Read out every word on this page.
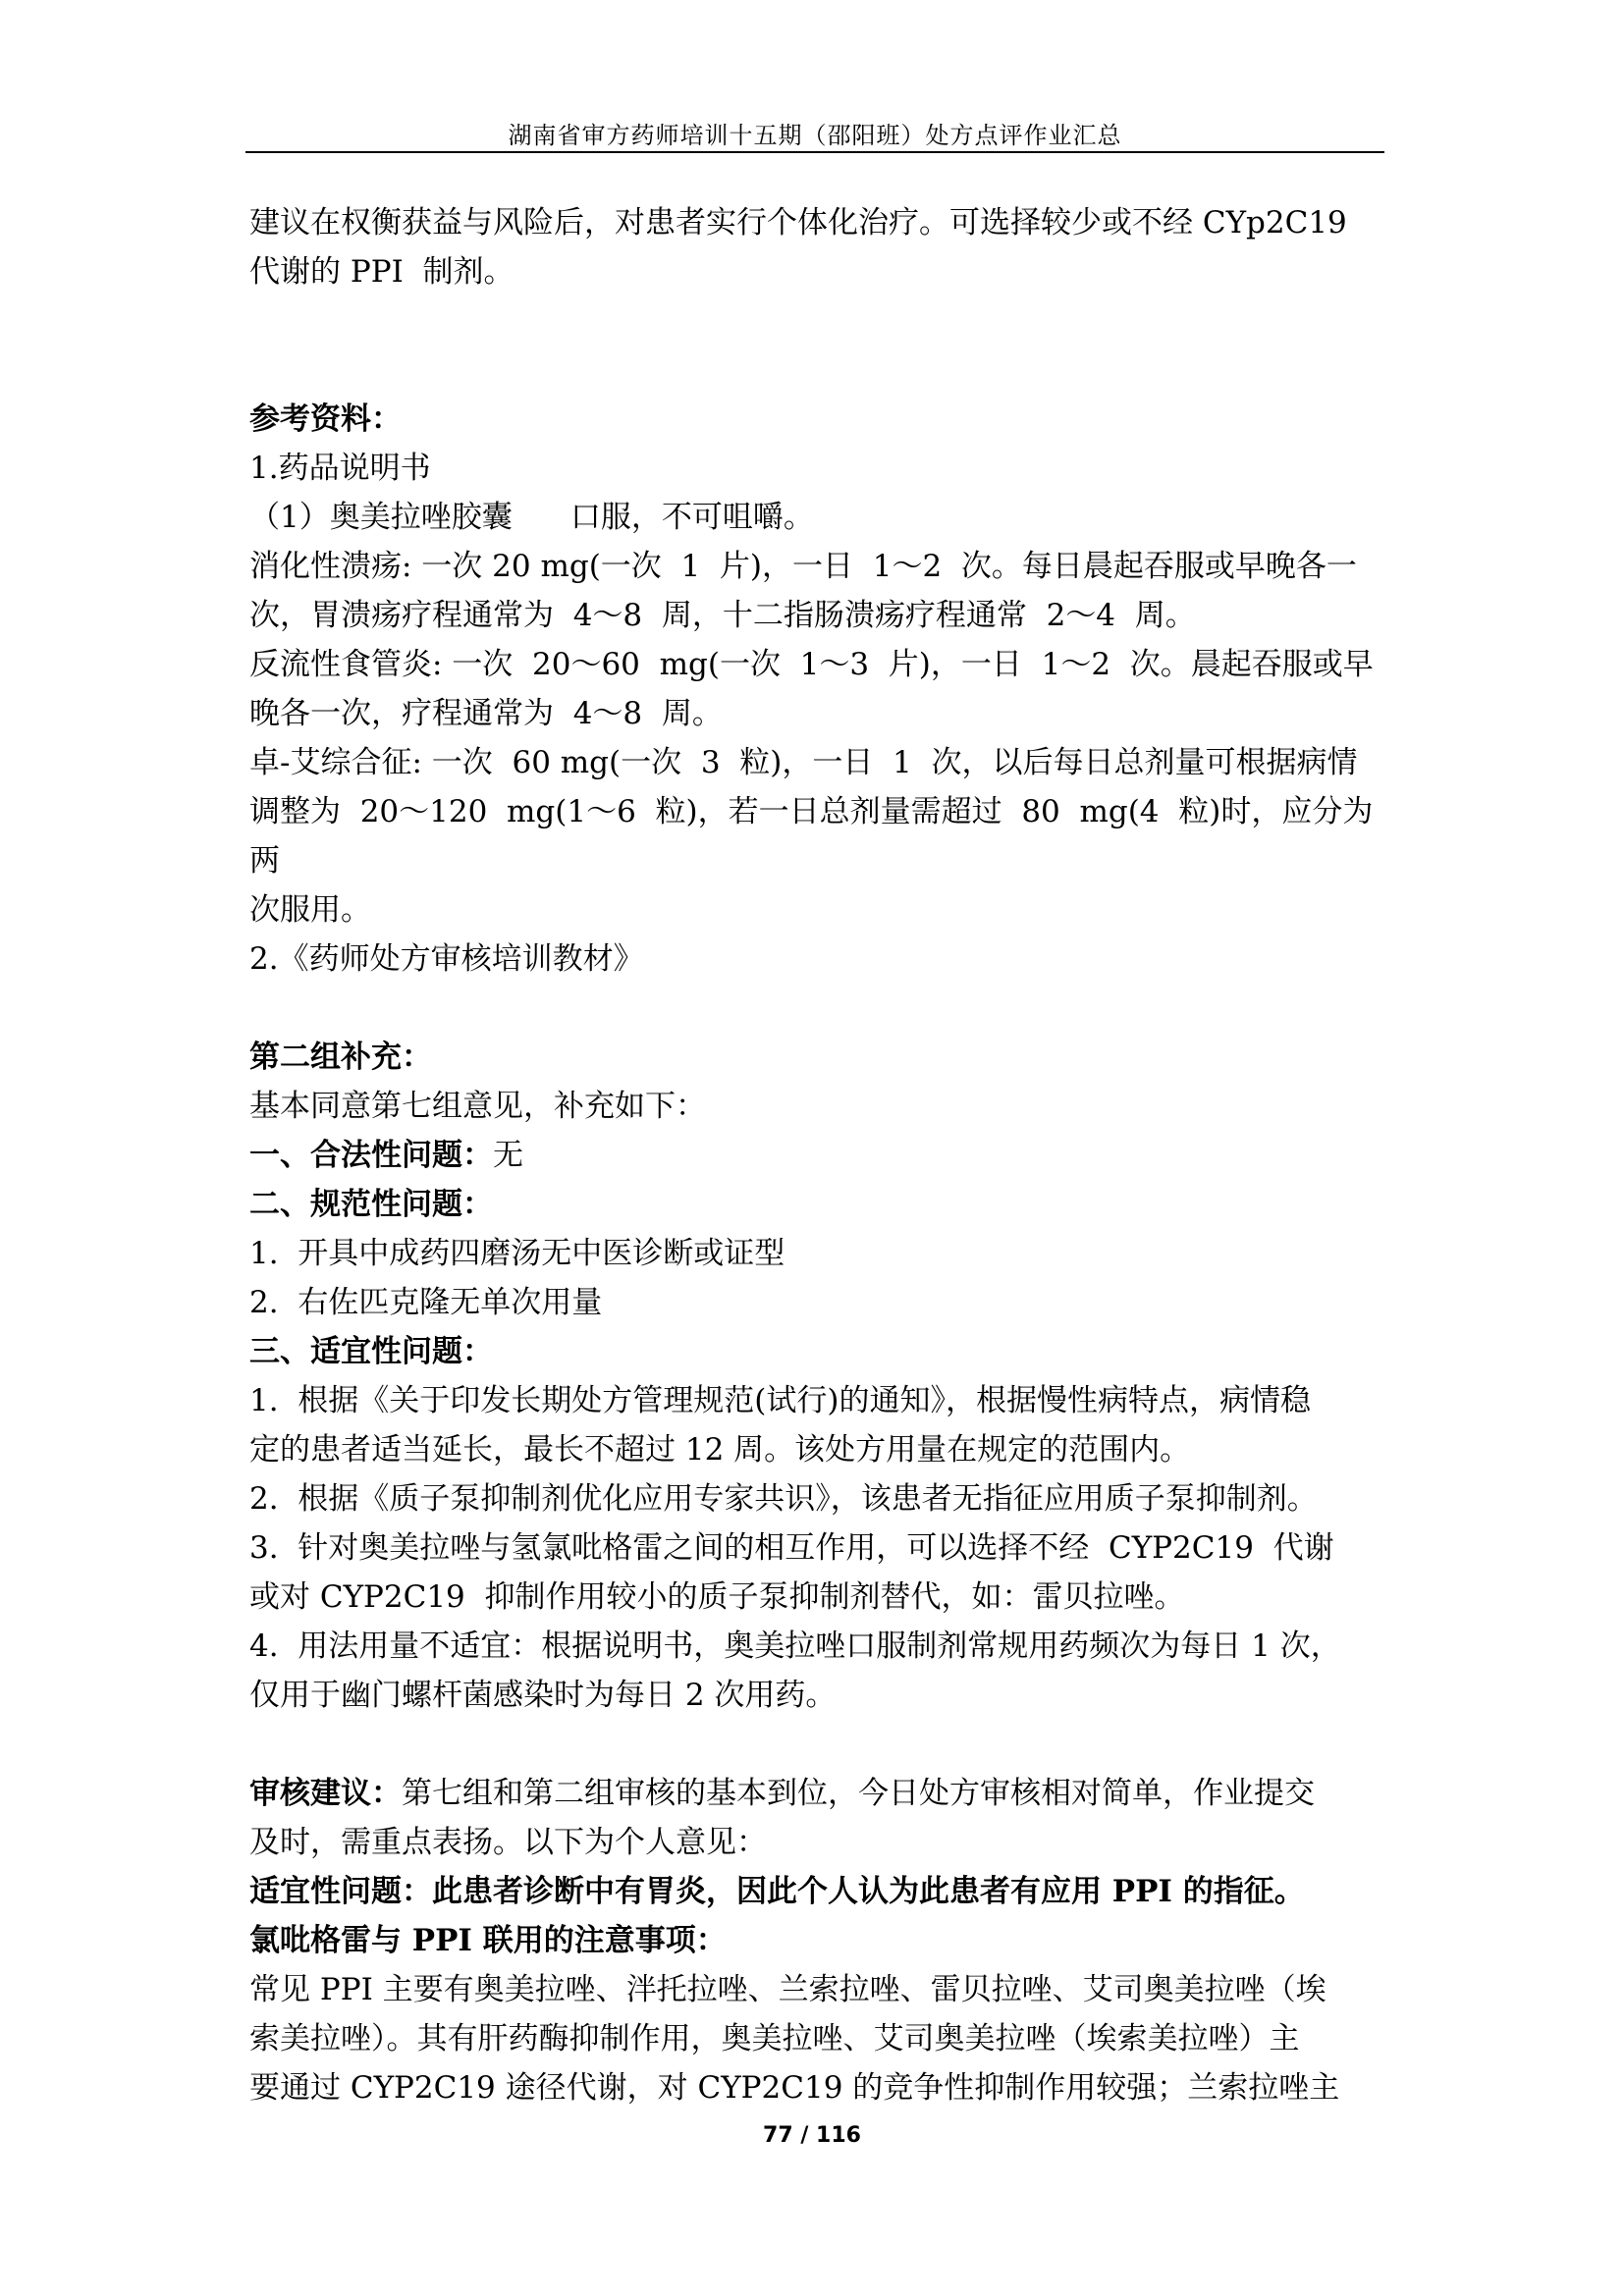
湖南省审方药师培训十五期（邵阳班）处方点评作业汇总

建议在权衡获益与风险后，对患者实行个体化治疗。可选择较少或不经 CYp2C19

代谢的 PPI  制剂。

参考资料：

1.药品说明书

（1）奥美拉唑胶囊      口服，不可咀嚼。

消化性溃疡: 一次 20 mg(一次  1  片)，一日  1～2  次。每日晨起吞服或早晚各一

次，胃溃疡疗程通常为  4～8  周，十二指肠溃疡疗程通常  2～4  周。

反流性食管炎: 一次  20～60  mg(一次  1～3  片)，一日  1～2  次。晨起吞服或早

晚各一次，疗程通常为  4～8  周。

卓-艾综合征: 一次  60 mg(一次  3  粒)，一日  1  次，以后每日总剂量可根据病情

调整为  20～120  mg(1～6  粒)，若一日总剂量需超过  80  mg(4  粒)时，应分为两

次服用。

2.《药师处方审核培训教材》

第二组补充：

基本同意第七组意见，补充如下：

一、合法性问题：无

二、规范性问题：

1.  开具中成药四磨汤无中医诊断或证型

2.  右佐匹克隆无单次用量

三、适宜性问题：

1.  根据《关于印发长期处方管理规范(试行)的通知》，根据慢性病特点，病情稳

定的患者适当延长，最长不超过 12 周。该处方用量在规定的范围内。

2.  根据《质子泵抑制剂优化应用专家共识》，该患者无指征应用质子泵抑制剂。

3.  针对奥美拉唑与氢氯吡格雷之间的相互作用，可以选择不经  CYP2C19  代谢

或对 CYP2C19  抑制作用较小的质子泵抑制剂替代，如：雷贝拉唑。

4.  用法用量不适宜：根据说明书，奥美拉唑口服制剂常规用药频次为每日 1 次，

仅用于幽门螺杆菌感染时为每日 2 次用药。

审核建议：第七组和第二组审核的基本到位，今日处方审核相对简单，作业提交

及时，需重点表扬。以下为个人意见：

适宜性问题：此患者诊断中有胃炎，因此个人认为此患者有应用 PPI 的指征。

氯吡格雷与 PPI 联用的注意事项：

常见 PPI 主要有奥美拉唑、泮托拉唑、兰索拉唑、雷贝拉唑、艾司奥美拉唑（埃

索美拉唑）。其有肝药酶抑制作用，奥美拉唑、艾司奥美拉唑（埃索美拉唑）主

要通过 CYP2C19 途径代谢，对 CYP2C19 的竞争性抑制作用较强；兰索拉唑主

77 / 116
